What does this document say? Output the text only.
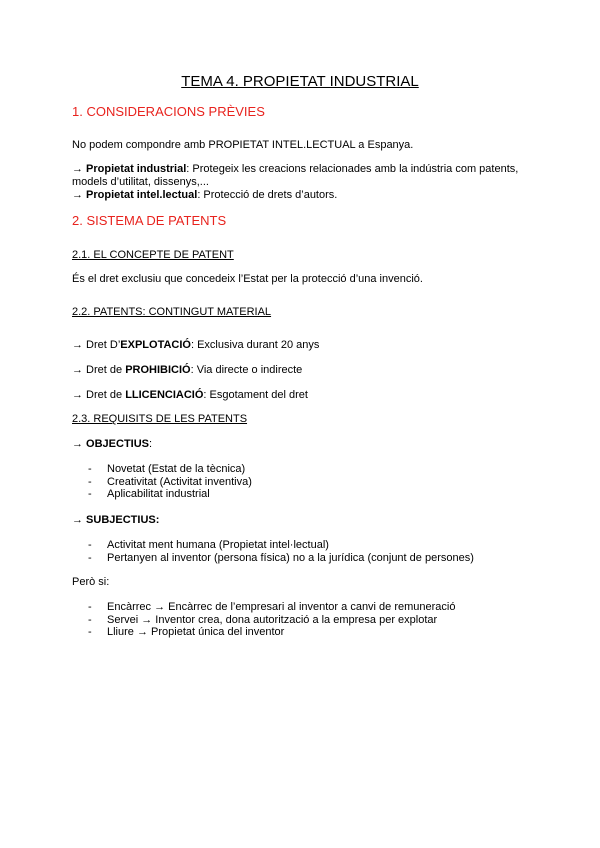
TEMA 4. PROPIETAT INDUSTRIAL
1. CONSIDERACIONS PRÈVIES
No podem compondre amb PROPIETAT INTEL.LECTUAL a Espanya.
→ Propietat industrial: Protegeix les creacions relacionades amb la indústria com patents, models d’utilitat, dissenys,...
→ Propietat intel.lectual: Protecció de drets d’autors.
2. SISTEMA DE PATENTS
2.1. EL CONCEPTE DE PATENT
És el dret exclusiu que concedeix l’Estat per la protecció d’una invenció.
2.2. PATENTS: CONTINGUT MATERIAL
→ Dret D’EXPLOTACIÓ: Exclusiva durant 20 anys
→ Dret de PROHIBICIÓ: Via directe o indirecte
→ Dret de LLICENCIACIÓ: Esgotament del dret
2.3. REQUISITS DE LES PATENTS
→ OBJECTIUS:
- Novetat (Estat de la tècnica)
- Creativitat (Activitat inventiva)
- Aplicabilitat industrial
→ SUBJECTIUS:
- Activitat ment humana (Propietat intel·lectual)
- Pertanyen al inventor (persona física) no a la jurídica (conjunt de persones)
Però si:
- Encàrrec → Encàrrec de l’empresari al inventor a canvi de remuneració
- Servei → Inventor crea, dona autorització a la empresa per explotar
- Lliure → Propietat única del inventor
